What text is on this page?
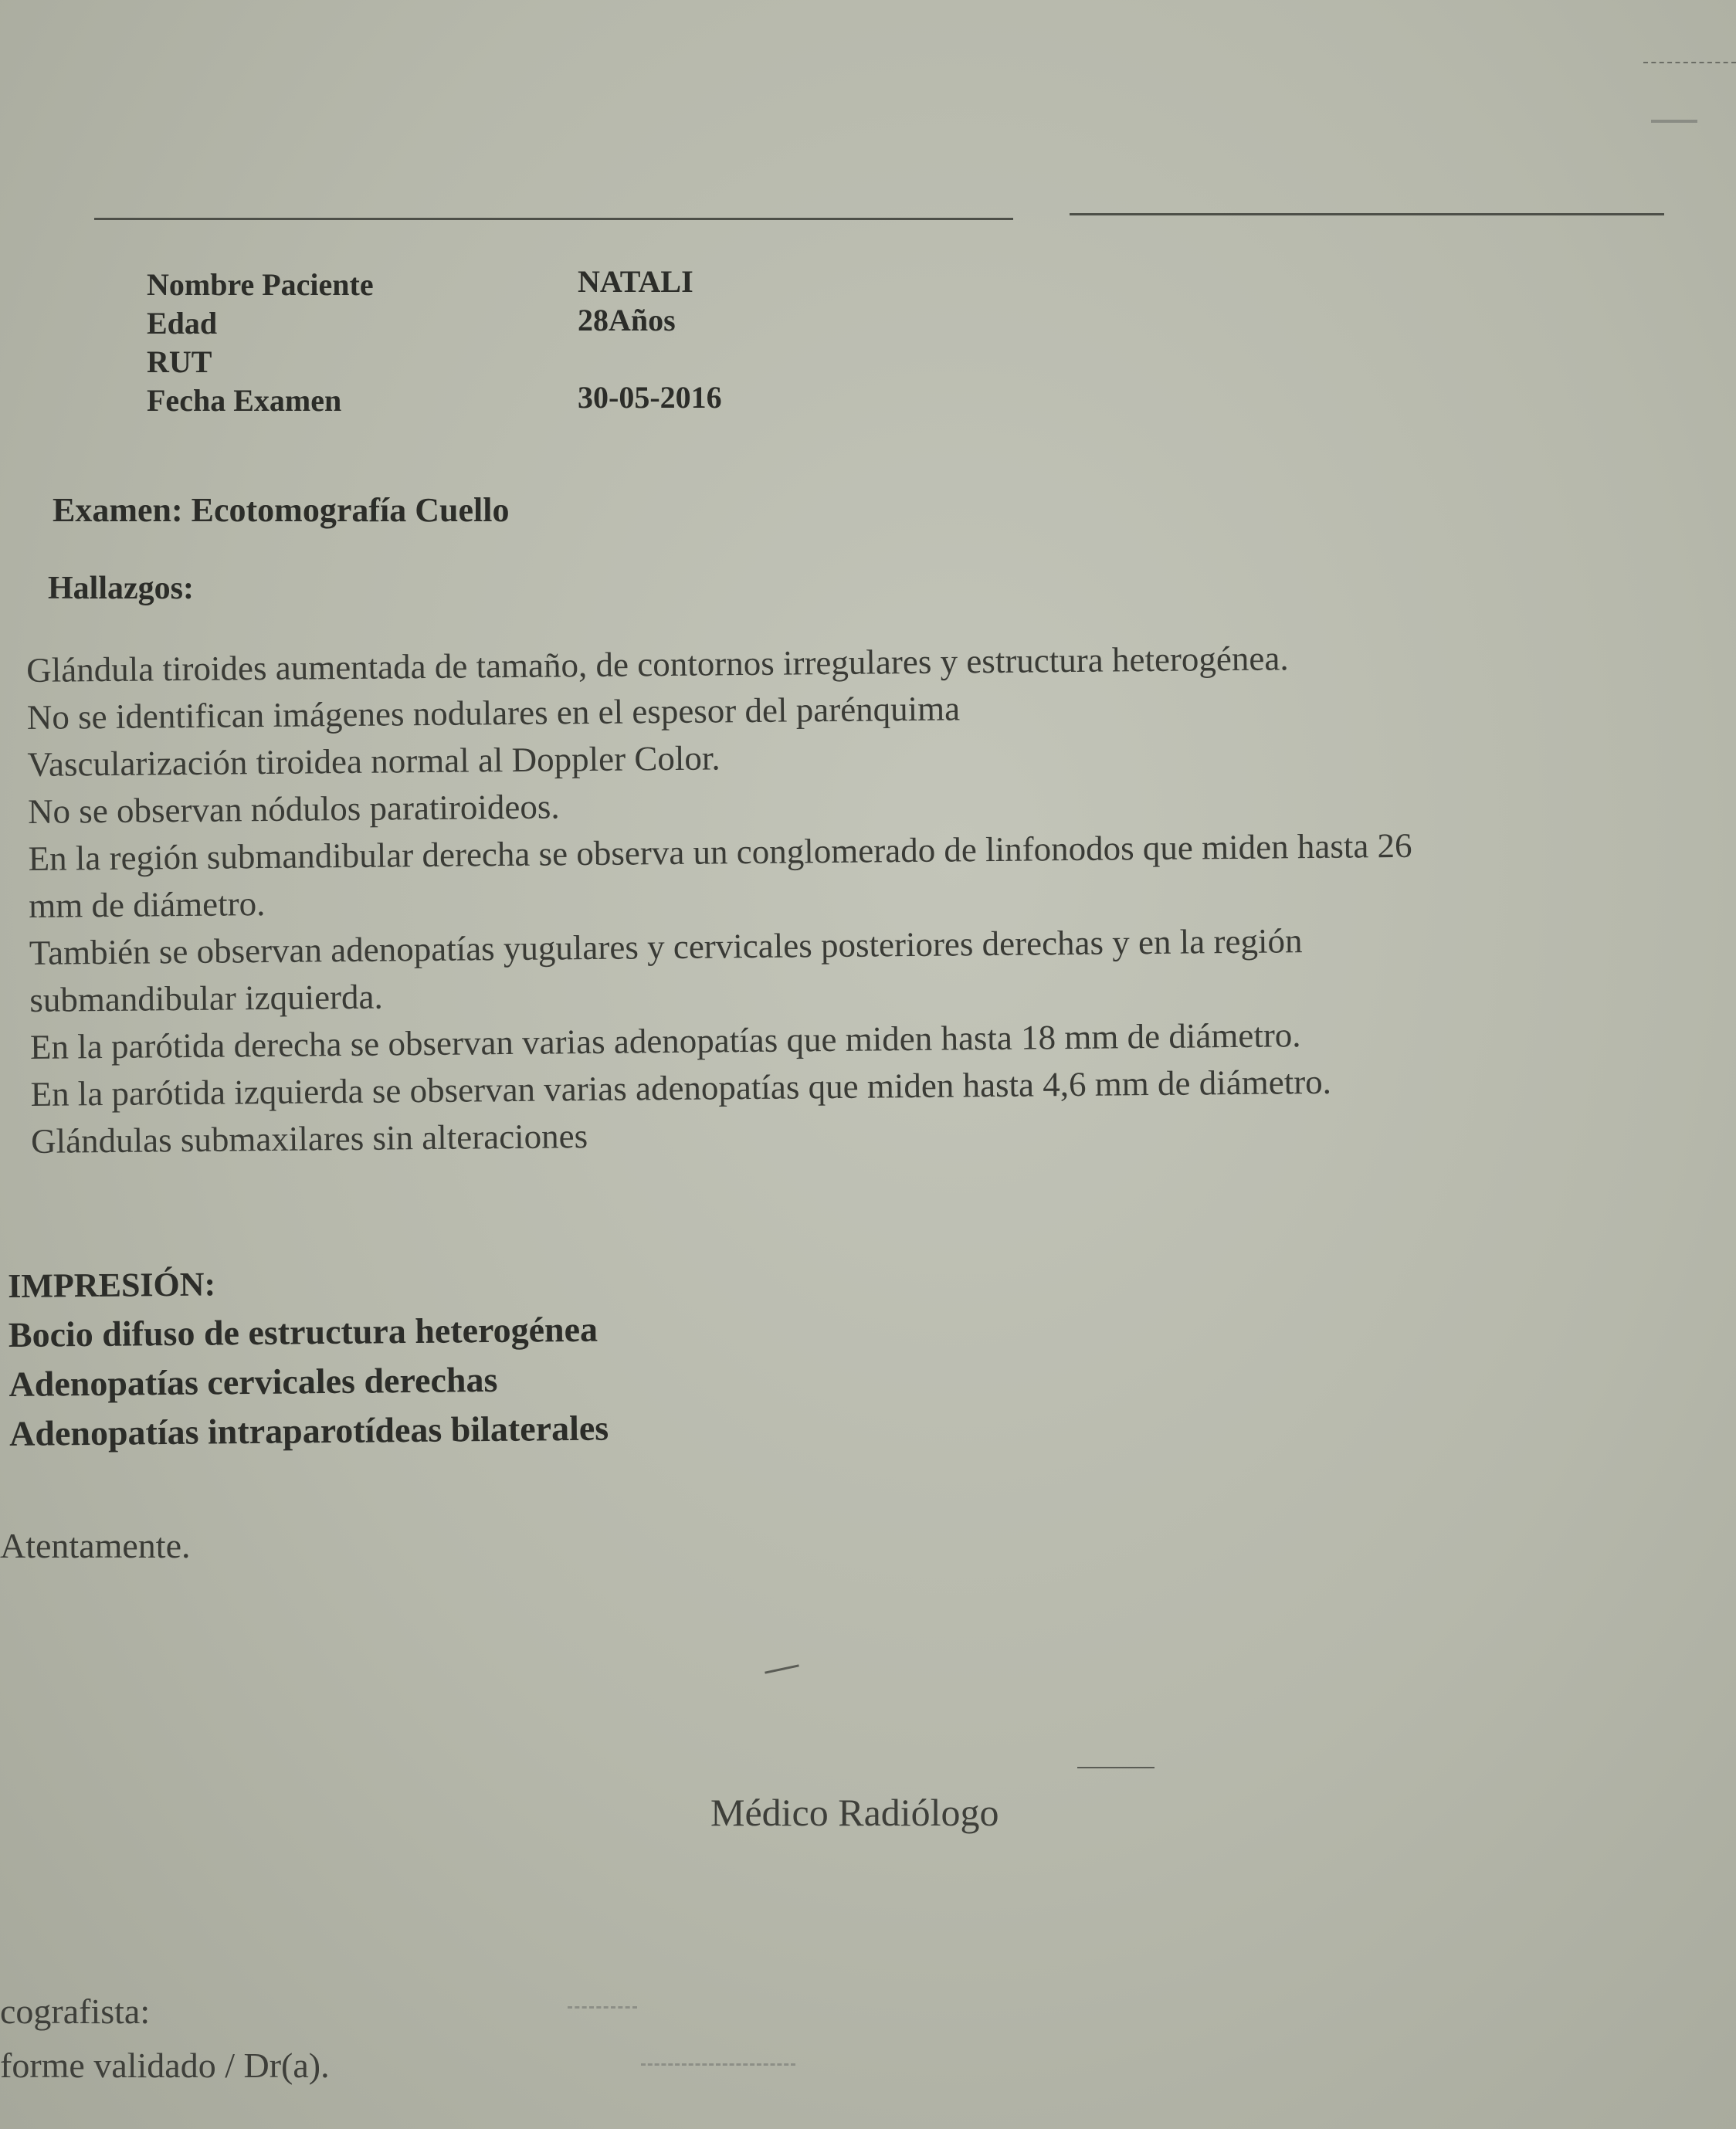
Nombre Paciente	NATALI
Edad	28Años
RUT
Fecha Examen	30-05-2016
Examen: Ecotomografía Cuello
Hallazgos:
Glándula tiroides aumentada de tamaño, de contornos irregulares y estructura heterogénea.
No se identifican imágenes nodulares en el espesor del parénquima
Vascularización tiroidea normal al Doppler Color.
No se observan nódulos paratiroideos.
En la región submandibular derecha se observa un conglomerado de linfonodos que miden hasta 26
mm de diámetro.
También se observan adenopatías yugulares y cervicales posteriores derechas y en la región
submandibular izquierda.
En la parótida derecha se observan varias adenopatías que miden hasta 18 mm de diámetro.
En la parótida izquierda se observan varias adenopatías que miden hasta 4,6 mm de diámetro.
Glándulas submaxilares sin alteraciones
IMPRESIÓN:
Bocio difuso de estructura heterogénea
Adenopatías cervicales derechas
Adenopatías intraparotídeas bilaterales
Atentamente.
Médico Radiólogo
cografista:
forme validado / Dr(a).
